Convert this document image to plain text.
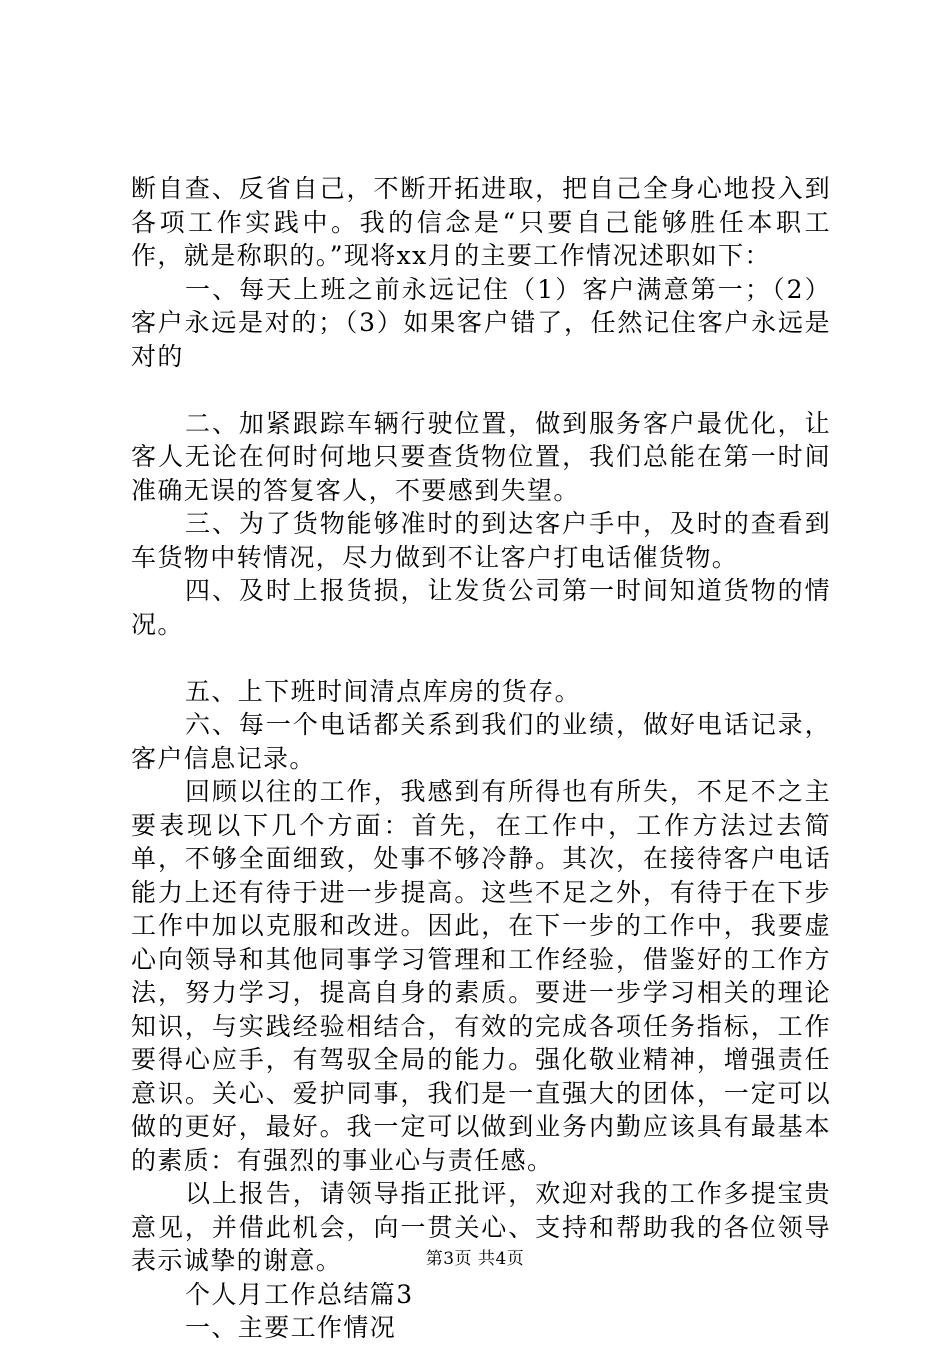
断自查、反省自己，不断开拓进取，把自己全身心地投入到各项工作实践中。我的信念是“只要自己能够胜任本职工作，就是称职的。”现将xx月的主要工作情况述职如下：

一、每天上班之前永远记住（1）客户满意第一；（2）客户永远是对的；（3）如果客户错了，任然记住客户永远是对的

二、加紧跟踪车辆行驶位置，做到服务客户最优化，让客人无论在何时何地只要查货物位置，我们总能在第一时间准确无误的答复客人，不要感到失望。

三、为了货物能够准时的到达客户手中，及时的查看到车货物中转情况，尽力做到不让客户打电话催货物。

四、及时上报货损，让发货公司第一时间知道货物的情况。

五、上下班时间清点库房的货存。

六、每一个电话都关系到我们的业绩，做好电话记录，客户信息记录。

回顾以往的工作，我感到有所得也有所失，不足不之主要表现以下几个方面：首先，在工作中，工作方法过去简单，不够全面细致，处事不够冷静。其次，在接待客户电话能力上还有待于进一步提高。这些不足之外，有待于在下步工作中加以克服和改进。因此，在下一步的工作中，我要虚心向领导和其他同事学习管理和工作经验，借鉴好的工作方法，努力学习，提高自身的素质。要进一步学习相关的理论知识，与实践经验相结合，有效的完成各项任务指标，工作要得心应手，有驾驭全局的能力。强化敬业精神，增强责任意识。关心、爱护同事，我们是一直强大的团体，一定可以做的更好，最好。我一定可以做到业务内勤应该具有最基本的素质：有强烈的事业心与责任感。

以上报告，请领导指正批评，欢迎对我的工作多提宝贵意见，并借此机会，向一贯关心、支持和帮助我的各位领导表示诚挚的谢意。

个人月工作总结篇3

一、主要工作情况

第3页 共4页
